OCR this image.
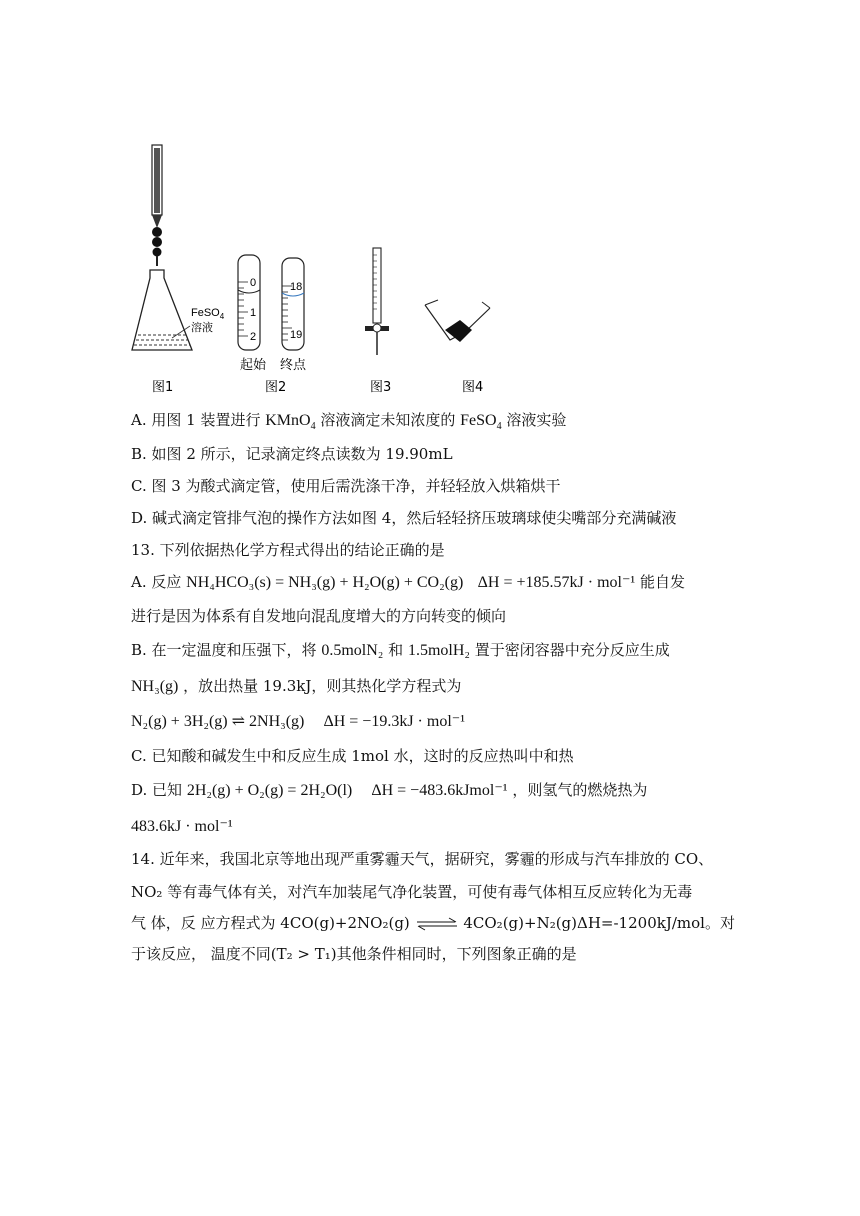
FeSO$_4$
溶液
0
1
2
18
19
起始 终点
图1	图2	图3	图4
A. 用图 1 装置进行 KMnO$_4$ 溶液滴定未知浓度的 FeSO$_4$ 溶液实验
B. 如图 2 所示，记录滴定终点读数为 19.90mL
C. 图 3 为酸式滴定管，使用后需洗涤干净，并轻轻放入烘箱烘干
D. 碱式滴定管排气泡的操作方法如图 4，然后轻轻挤压玻璃球使尖嘴部分充满碱液
13. 下列依据热化学方程式得出的结论正确的是
A. 反应 NH₄HCO₃(s) = NH₃(g) + H₂O(g) + CO₂(g) ΔH = +185.57kJ · mol⁻¹ 能自发
进行是因为体系有自发地向混乱度增大的方向转变的倾向
B. 在一定温度和压强下，将 0.5molN₂ 和 1.5molH₂ 置于密闭容器中充分反应生成
NH₃(g) ，放出热量 19.3kJ，则其热化学方程式为
N₂(g) + 3H₂(g) ⇌ 2NH₃(g) ΔH = −19.3kJ · mol⁻¹
C. 已知酸和碱发生中和反应生成 1mol 水，这时的反应热叫中和热
D. 已知 2H₂(g) + O₂(g) = 2H₂O(l) ΔH = −483.6kJmol⁻¹ ，则氢气的燃烧热为
483.6kJ · mol⁻¹
14. 近年来，我国北京等地出现严重雾霾天气，据研究，雾霾的形成与汽车排放的 CO、
NO₂ 等有毒气体有关，对汽车加装尾气净化装置，可使有毒气体相互反应转化为无毒
气 体，反 应方程式为 4CO(g)+2NO₂(g) ⇌ 4CO₂(g)+N₂(g)ΔH=-1200kJ/mol。对
于该反应， 温度不同(T₂ > T₁)其他条件相同时，下列图象正确的是
